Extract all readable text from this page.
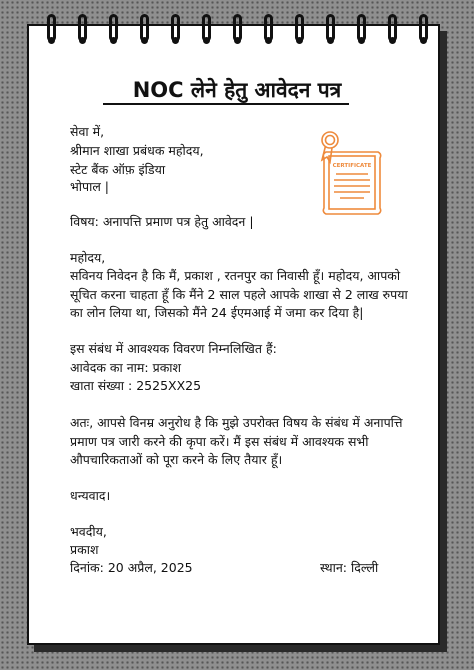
NOC लेने हेतु आवेदन पत्र
सेवा में,
श्रीमान शाखा प्रबंधक महोदय,
स्टेट बैंक ऑफ़ इंडिया
भोपाल |
CERTIFICATE
विषय: अनापत्ति प्रमाण पत्र हेतु आवेदन |
महोदय,
सविनय निवेदन है कि मैं, प्रकाश , रतनपुर का निवासी हूँ। महोदय, आपको
सूचित करना चाहता हूँ कि मैंने 2 साल पहले आपके शाखा से 2 लाख रुपया
का लोन लिया था, जिसको मैंने 24 ईएमआई में जमा कर दिया है|
इस संबंध में आवश्यक विवरण निम्नलिखित हैं:
आवेदक का नाम: प्रकाश
खाता संख्या : 2525XX25
अतः, आपसे विनम्र अनुरोध है कि मुझे उपरोक्त विषय के संबंध में अनापत्ति
प्रमाण पत्र जारी करने की कृपा करें। मैं इस संबंध में आवश्यक सभी
औपचारिकताओं को पूरा करने के लिए तैयार हूँ।
धन्यवाद।
भवदीय,
प्रकाश
दिनांक: 20 अप्रैल, 2025	स्थान: दिल्ली
